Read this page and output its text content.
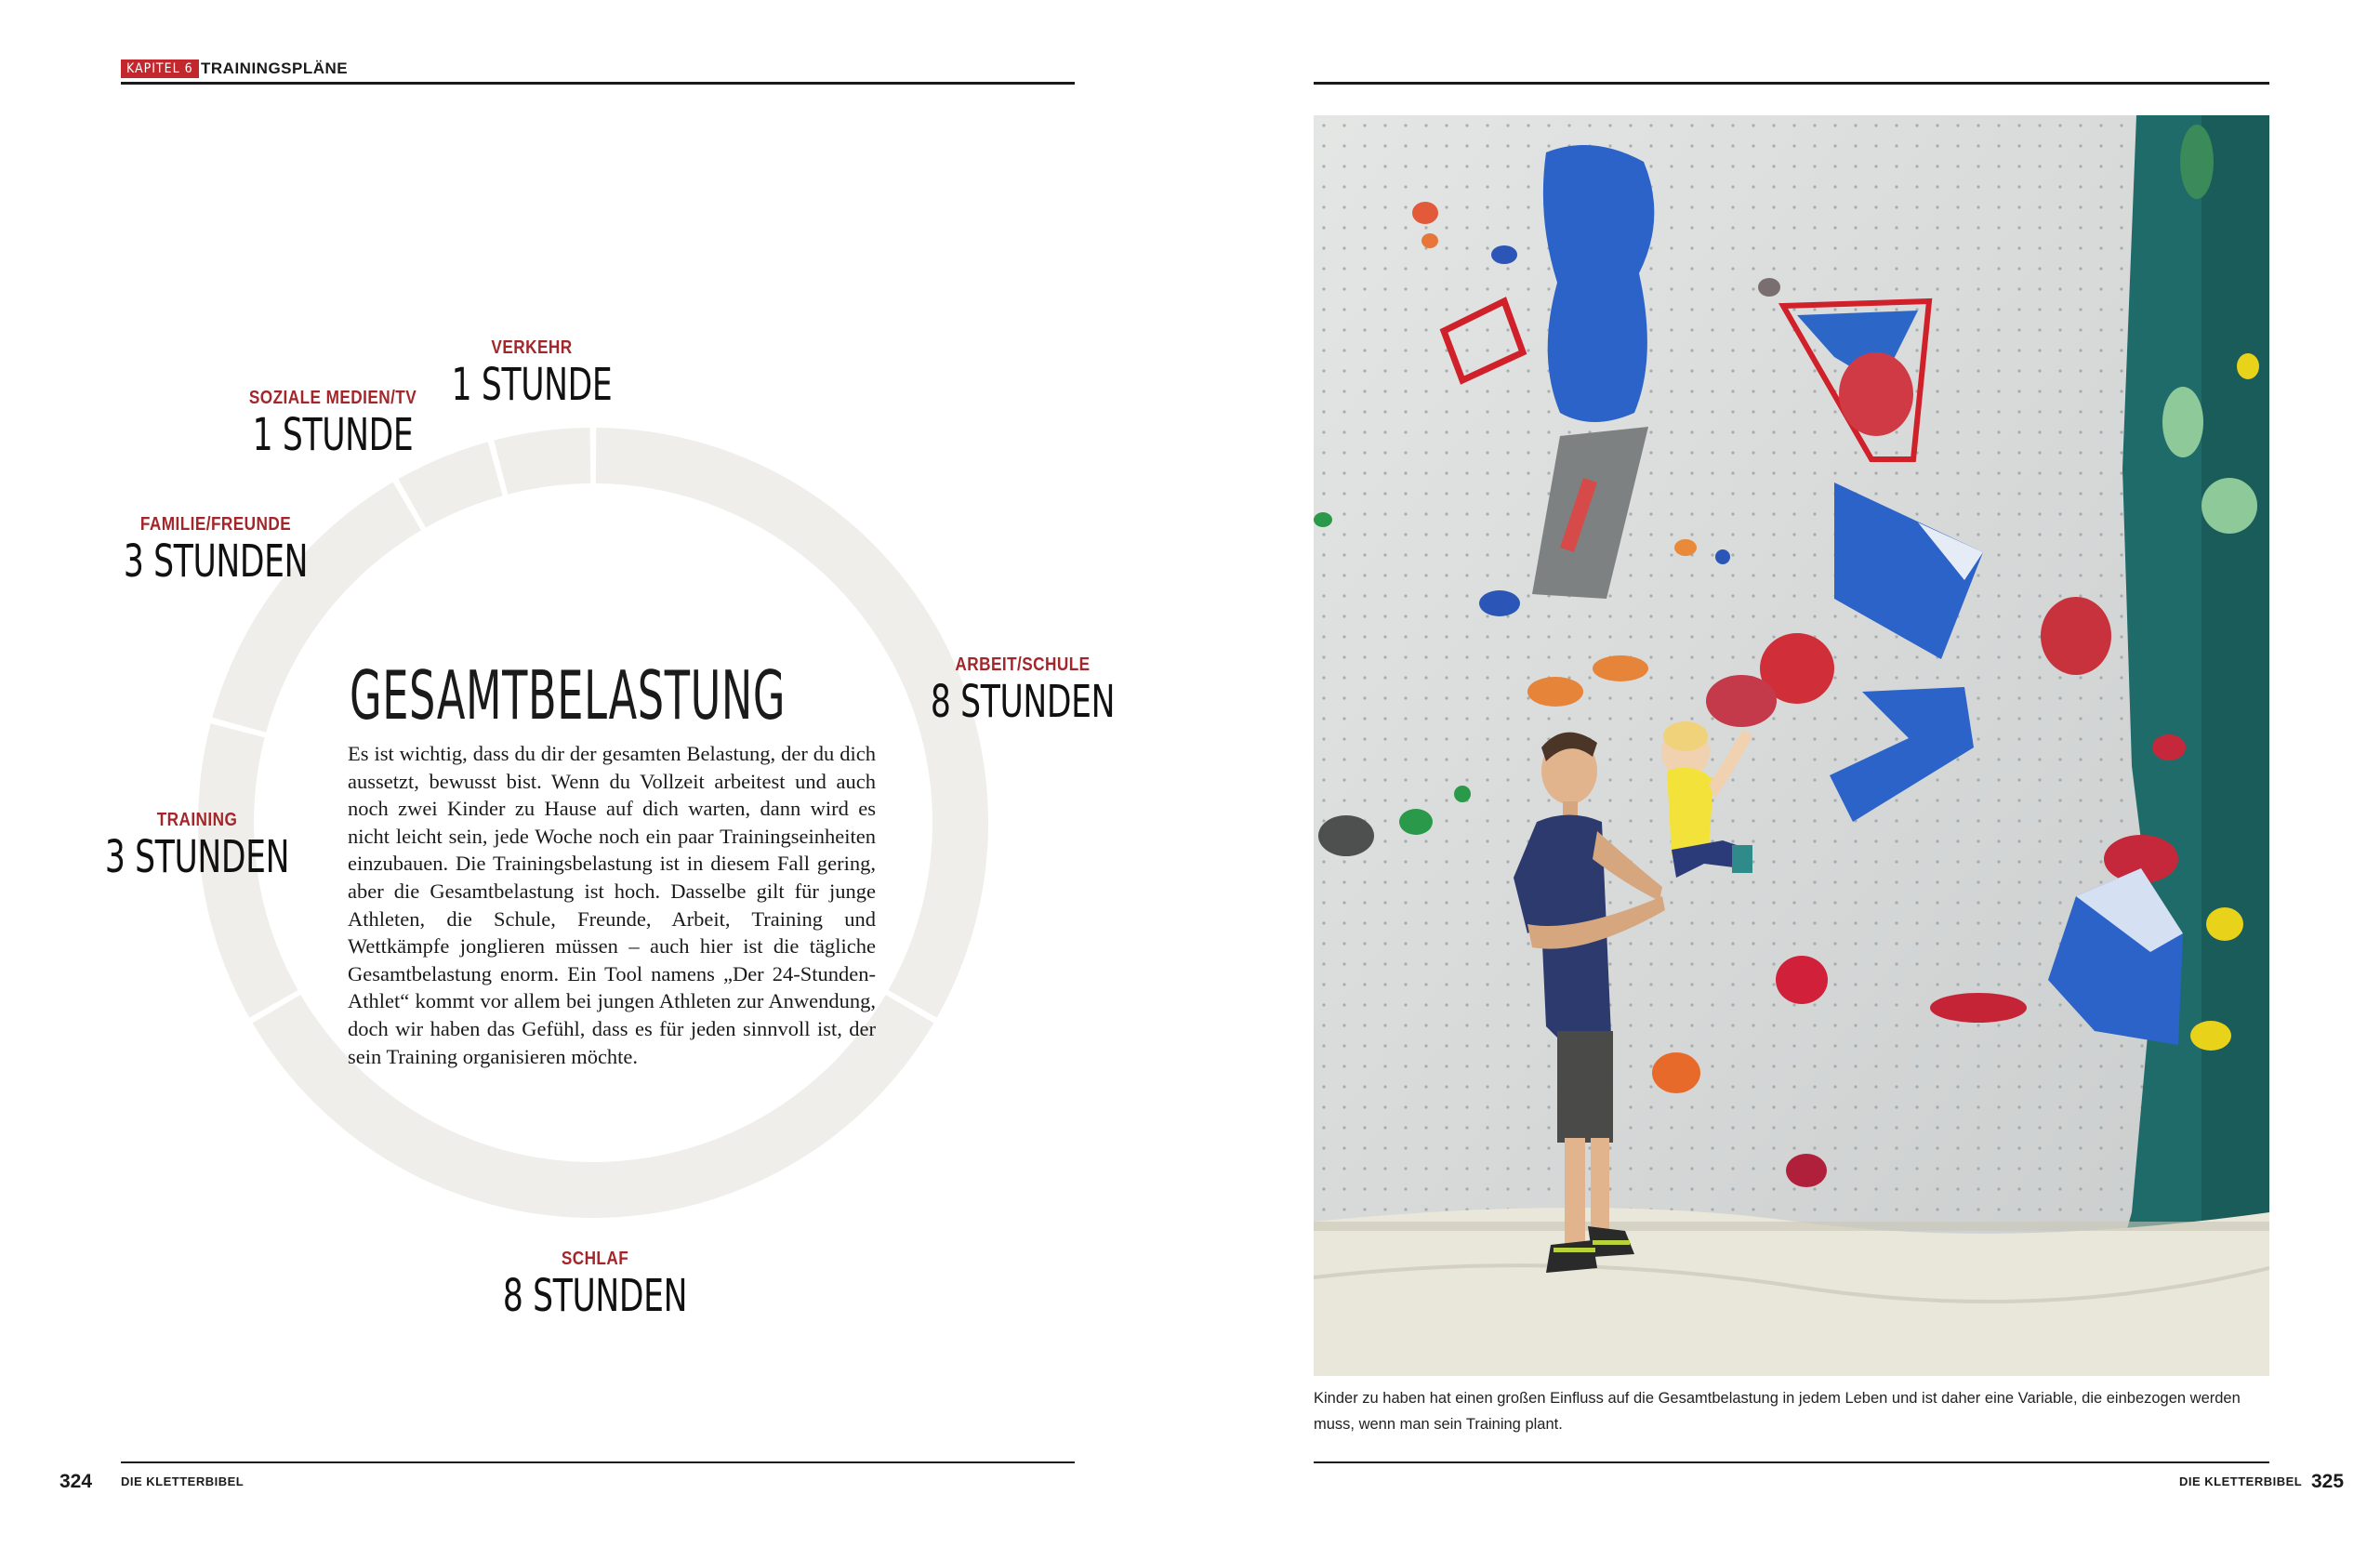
KAPITEL 6 TRAININGSPLÄNE
ARBEIT/SCHULE
8 STUNDEN
SCHLAF
8 STUNDEN
TRAINING
3 STUNDEN
FAMILIE/FREUNDE
3 STUNDEN
SOZIALE MEDIEN/TV
1 STUNDE
VERKEHR
1 STUNDE
GESAMTBELASTUNG
Es ist wichtig, dass du dir der gesamten Belastung, der du dich aussetzt, bewusst bist. Wenn du Vollzeit arbeitest und auch noch zwei Kinder zu Hause auf dich warten, dann wird es nicht leicht sein, jede Woche noch ein paar Trainingseinheiten einzubauen. Die Trainingsbelastung ist in diesem Fall gering, aber die Gesamtbelastung ist hoch. Dasselbe gilt für junge Athleten, die Schule, Freunde, Arbeit, Training und Wettkämpfe jonglieren müssen – auch hier ist die tägliche Gesamtbelastung enorm. Ein Tool namens „Der 24-Stunden-Athlet“ kommt vor allem bei jungen Athleten zur Anwendung, doch wir haben das Gefühl, dass es für jeden sinnvoll ist, der sein Training organisieren möchte.
324 DIE KLETTERBIBEL	DIE KLETTERBIBEL 325
Kinder zu haben hat einen großen Einfluss auf die Gesamtbelastung in jedem Leben und ist daher eine Variable, die einbezogen werden muss, wenn man sein Training plant.
